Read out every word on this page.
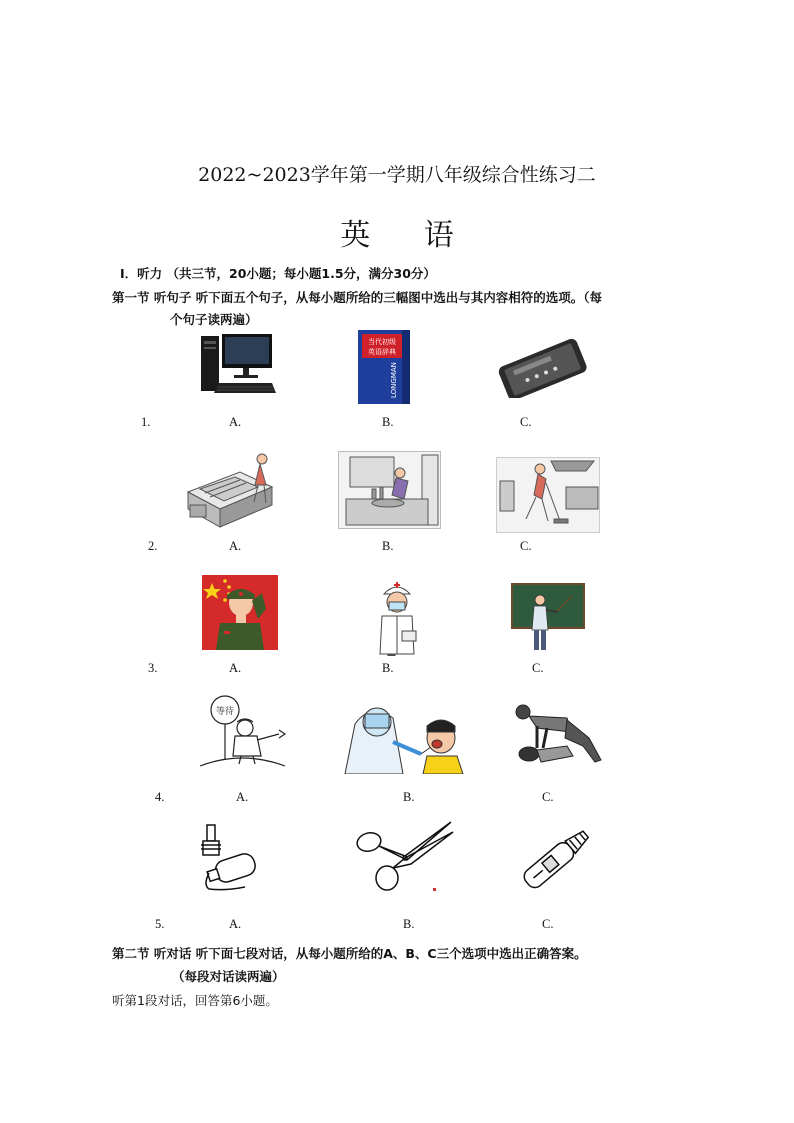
2022~2023学年第一学期八年级综合性练习二
英 语
I．听力 （共三节，20小题；每小题1.5分，满分30分）
第一节 听句子 听下面五个句子，从每小题所给的三幅图中选出与其内容相符的选项。（每
个句子读两遍）
当代初级
英语辞典
LONGMAN
1.	A.	B.	C.
2.	A.	B.	C.
3.	A.	B.	C.
等待
4.	A.	B.	C.
5.	A.	B.	C.
第二节 听对话 听下面七段对话，从每小题所给的A、B、C三个选项中选出正确答案。
（每段对话读两遍）
听第1段对话，回答第6小题。
